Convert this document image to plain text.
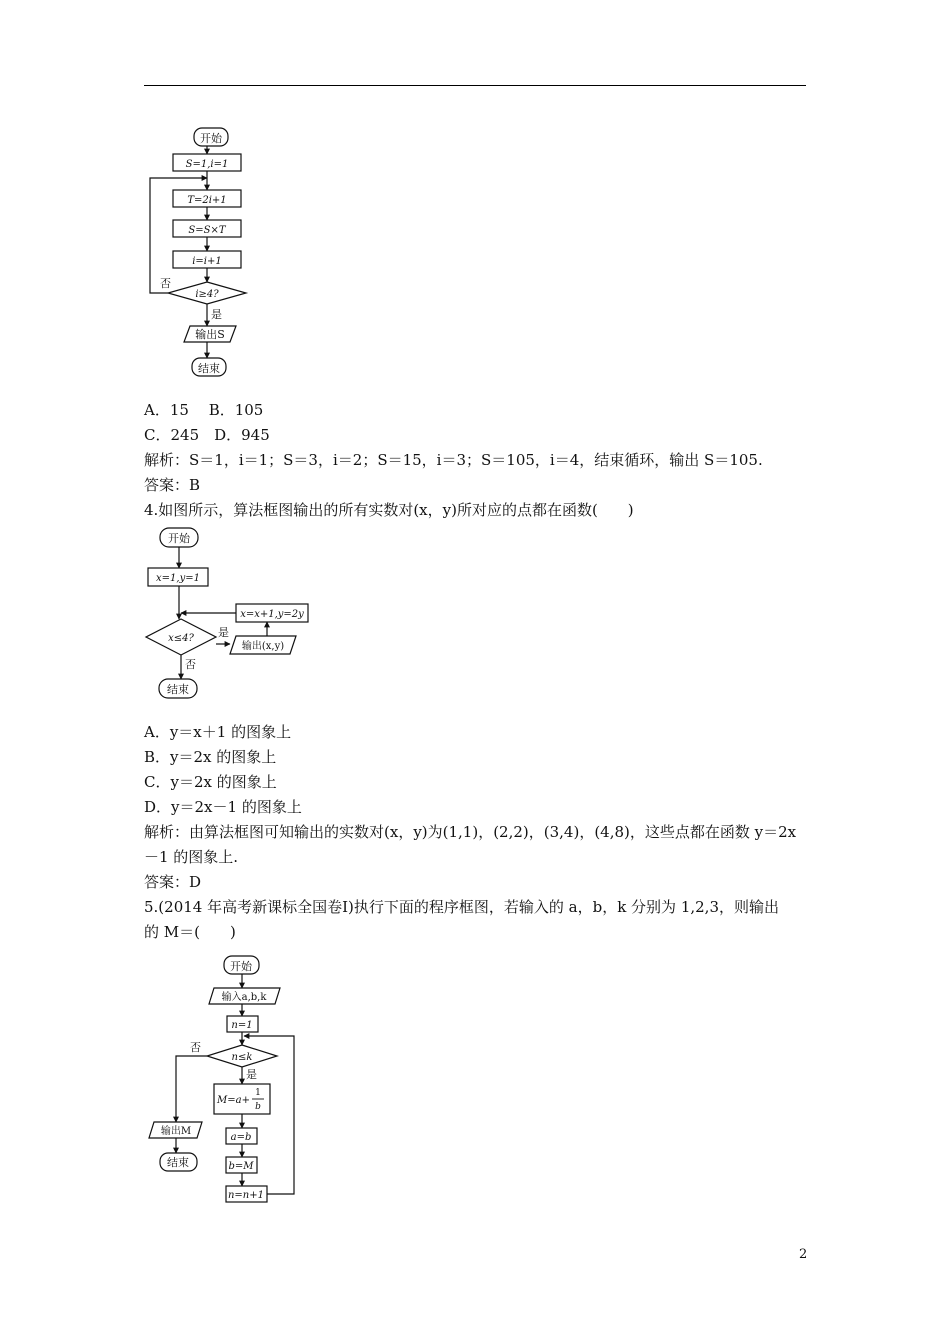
开始
S=1,i=1
T=2i+1
S=S×T
i=i+1
i≥4?
否
是
输出S
结束
A．15　 B．105
C．245　D．945
解析：S＝1，i＝1；S＝3，i＝2；S＝15，i＝3；S＝105，i＝4，结束循环，输出 S＝105.
答案：B
4.如图所示，算法框图输出的所有实数对(x，y)所对应的点都在函数(　　)
开始
x=1,y=1
x≤4? 是
否
x=x+1,y=2y
输出(x,y)
结束
A．y＝x＋1 的图象上
B．y＝2x 的图象上
C．y＝2x 的图象上
D．y＝2x－1 的图象上
解析：由算法框图可知输出的实数对(x，y)为(1,1)，(2,2)，(3,4)，(4,8)，这些点都在函数 y＝2x
－1 的图象上.
答案：D
5.(2014 年高考新课标全国卷Ⅰ)执行下面的程序框图，若输入的 a，b，k 分别为 1,2,3，则输出
的 M＝(　　)
开始
输入a,b,k
n=1
n≤k
否
是
M=a+
1
b
a=b
b=M
n=n+1
输出M
结束
2
